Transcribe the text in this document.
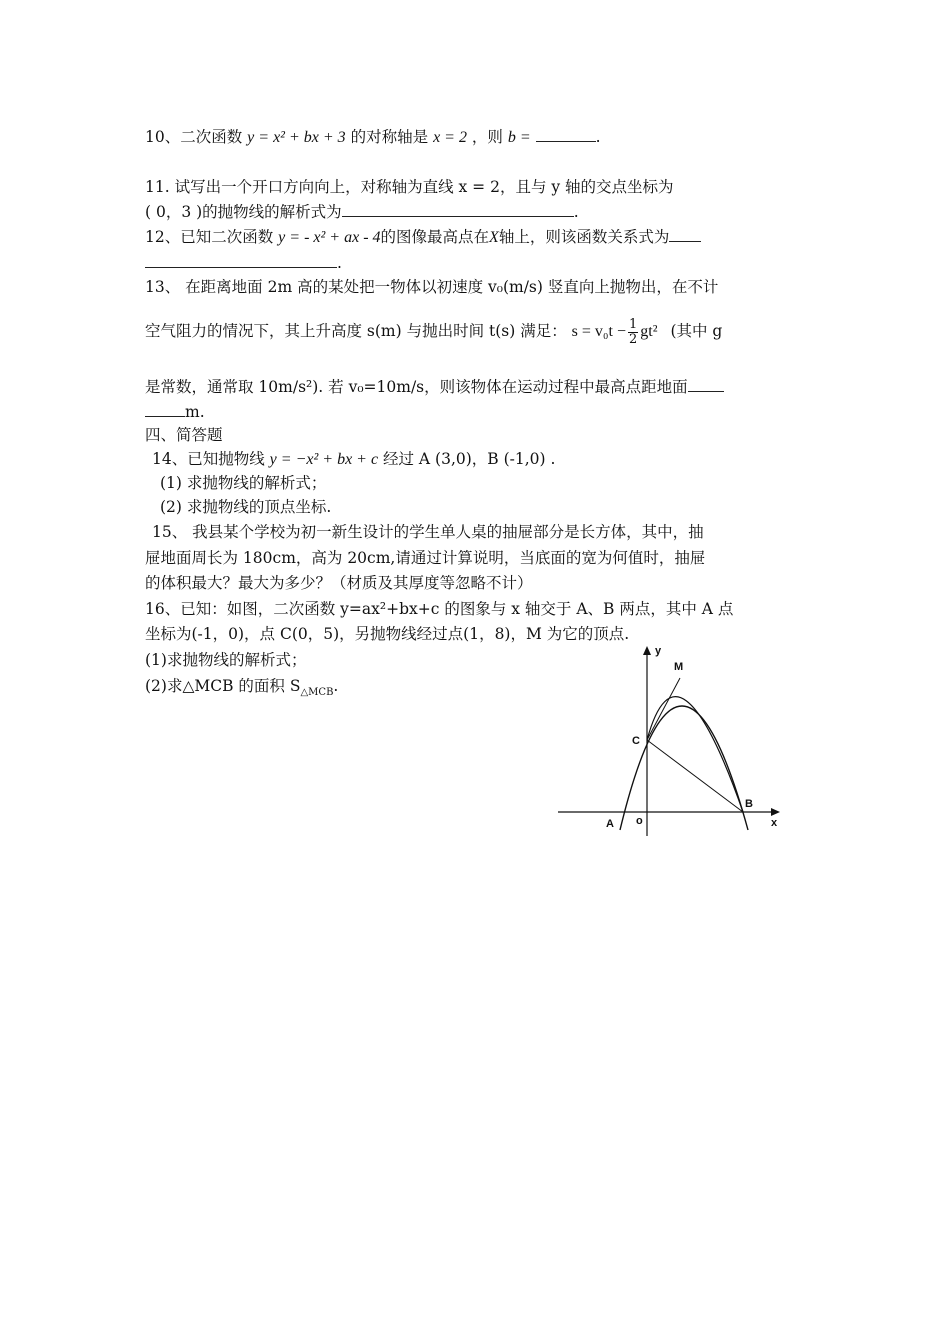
10、二次函数 y = x² + bx + 3 的对称轴是 x = 2 ，则 b =	.
11. 试写出一个开口方向向上，对称轴为直线 x = 2，且与 y 轴的交点坐标为
( 0，3 )的抛物线的解析式为	.
12、已知二次函数 y = - x² + ax - 4的图像最高点在X轴上，则该函数关系式为
.
13、 在距离地面 2m 高的某处把一物体以初速度 v₀(m/s) 竖直向上抛物出，在不计
空气阻力的情况下，其上升高度 s(m) 与抛出时间 t(s) 满足： $s = v_0t - \frac{1}{2} gt^2$ (其中 g
是常数，通常取 10m/s²). 若 v₀=10m/s，则该物体在运动过程中最高点距地面
m.
四、简答题
14、已知抛物线 y = −x² + bx + c 经过 A (3,0)，B (-1,0) .
(1) 求抛物线的解析式；
(2) 求抛物线的顶点坐标.
15、 我县某个学校为初一新生设计的学生单人桌的抽屉部分是长方体，其中，抽
屉地面周长为 180cm，高为 20cm,请通过计算说明，当底面的宽为何值时，抽屉
的体积最大？最大为多少？（材质及其厚度等忽略不计）
16、已知：如图，二次函数 y=ax²+bx+c 的图象与 x 轴交于 A、B 两点，其中 A 点
坐标为(-1，0)，点 C(0，5)，另抛物线经过点(1，8)，M 为它的顶点.
(1)求抛物线的解析式；
(2)求△MCB 的面积 $S_{\triangle MCB}$.
y
x
M
C
B
A o
